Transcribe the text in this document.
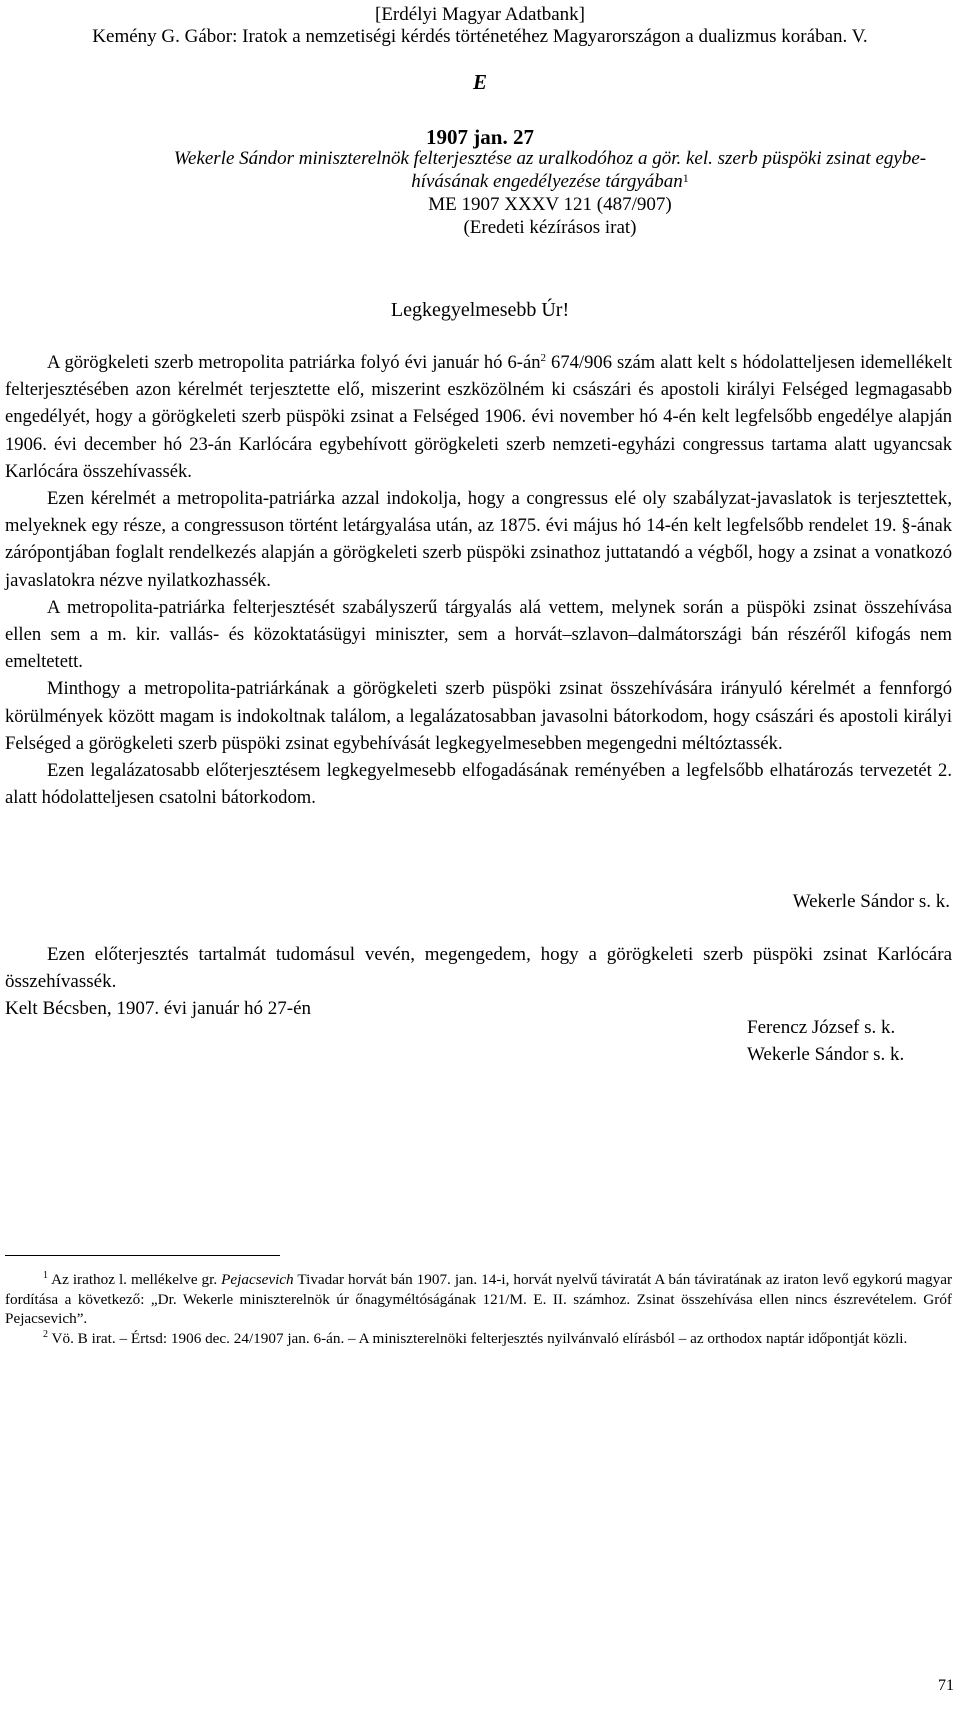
[Erdélyi Magyar Adatbank]
Kemény G. Gábor: Iratok a nemzetiségi kérdés történetéhez Magyarországon a dualizmus korában. V.
E
1907 jan. 27
Wekerle Sándor miniszterelnök felterjesztése az uralkodóhoz a gör. kel. szerb püspöki zsinat egybe-
hívásának engedélyezése tárgyában$^1$
ME 1907 XXXV 121 (487/907)
(Eredeti kézírásos irat)
Legkegyelmesebb Úr!

A görögkeleti szerb metropolita patriárka folyó évi január hó $6-án^2$ 674/906 szám alatt kelt s hódolatteljesen idemellékelt felterjesztésében azon kérelmét terjesztette elő, miszerint eszközölném ki császári és apostoli királyi Felséged legmagasabb engedélyét, hogy a görögkeleti szerb püspöki zsinat a Felséged 1906. évi november hó 4-én kelt legfelsőbb engedélye alapján 1906. évi december hó 23-án Karlócára egybehívott görögkeleti szerb nemzeti-egyházi congressus tartama alatt ugyancsak Karlócára összehívassék.

Ezen kérelmét a metropolita-patriárka azzal indokolja, hogy a congressus elé oly szabályzat-javaslatok is terjesztettek, melyeknek egy része, a congressuson történt letárgyalása után, az 1875. évi május hó 14-én kelt legfelsőbb rendelet 19. §-ának zárópontjában foglalt rendelkezés alapján a görögkeleti szerb püspöki zsinathoz juttatandó a végből, hogy a zsinat a vonatkozó javaslatokra nézve nyilatkozhassék.

A metropolita-patriárka felterjesztését szabályszerű tárgyalás alá vettem, melynek során a püspöki zsinat összehívása ellen sem a m. kir. vallás- és közoktatásügyi miniszter, sem a horvát–szlavon–dalmátországi bán részéről kifogás nem emeltetett.

Minthogy a metropolita-patriárkának a görögkeleti szerb püspöki zsinat összehívására irányuló kérelmét a fennforgó körülmények között magam is indokoltnak találom, a legalázatosabban javasolni bátorkodom, hogy császári és apostoli királyi Felséged a görögkeleti szerb püspöki zsinat egybehívását legkegyelmesebben megengedni méltóztassék.

Ezen legalázatosabb előterjesztésem legkegyelmesebb elfogadásának reményében a legfelsőbb elhatározás tervezetét 2. alatt hódolatteljesen csatolni bátorkodom.

Wekerle Sándor s. k.

Ezen előterjesztés tartalmát tudomásul vevén, megengedem, hogy a görögkeleti szerb püspöki zsinat Karlócára összehívassék.

Kelt Bécsben, 1907. évi január hó 27-én

Ferencz József s. k.
Wekerle Sándor s. k.

$^1$ Az irathoz l. mellékelve gr. Pejacsevich Tivadar horvát bán 1907. jan. 14-i, horvát nyelvű táviratát A bán táviratának az iraton levő egykorú magyar fordítása a következő: „Dr. Wekerle miniszterelnök úr őnagyméltóságának 121/M. E. II. számhoz. Zsinat összehívása ellen nincs észrevételem. Gróf Pejacsevich”.

$^2$ Vö. B irat. – Értsd: 1906 dec. 24/1907 jan. 6-án. – A miniszterelnöki felterjesztés nyilvánvaló elírásból – az orthodox naptár időpontját közli.

71
